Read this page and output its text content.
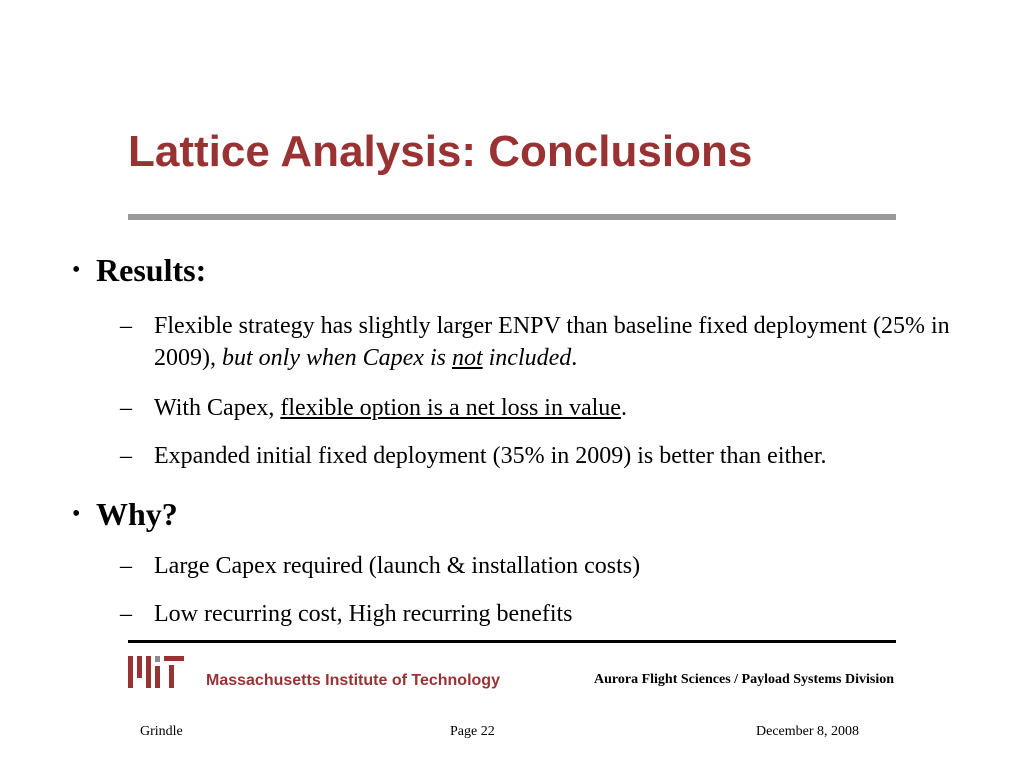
Lattice Analysis: Conclusions
• Results:
– Flexible strategy has slightly larger ENPV than baseline fixed deployment (25% in 2009), but only when Capex is not included.
– With Capex, flexible option is a net loss in value.
– Expanded initial fixed deployment (35% in 2009) is better than either.
• Why?
– Large Capex required (launch & installation costs)
– Low recurring cost, High recurring benefits
Massachusetts Institute of Technology	Aurora Flight Sciences / Payload Systems Division
Grindle	Page 22	December 8, 2008
